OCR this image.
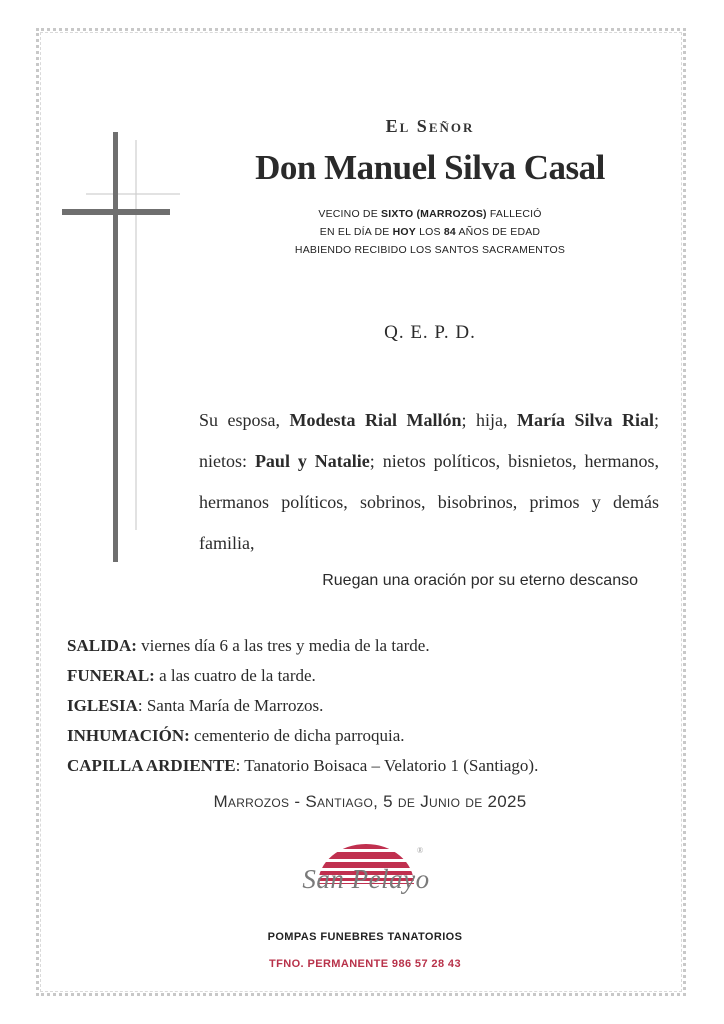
El Señor

Don Manuel Silva Casal

VECINO DE SIXTO (MARROZOS) FALLECIÓ

EN EL DÍA DE HOY LOS 84 AÑOS DE EDAD

HABIENDO RECIBIDO LOS SANTOS SACRAMENTOS

Q. E. P. D.

Su esposa, Modesta Rial Mallón; hija, María Silva Rial; nietos: Paul y Natalie; nietos políticos, bisnietos, hermanos, hermanos políticos, sobrinos, bisobrinos, primos y demás familia,

Ruegan una oración por su eterno descanso

SALIDA: viernes día 6 a las tres y media de la tarde.
FUNERAL: a las cuatro de la tarde.
IGLESIA: Santa María de Marrozos.
INHUMACIÓN: cementerio de dicha parroquia.
CAPILLA ARDIENTE: Tanatorio Boisaca – Velatorio 1 (Santiago).

Marrozos - Santiago, 5 de Junio de 2025

San Pelayo

®

POMPAS FUNEBRES TANATORIOS

TFNO. PERMANENTE 986 57 28 43
